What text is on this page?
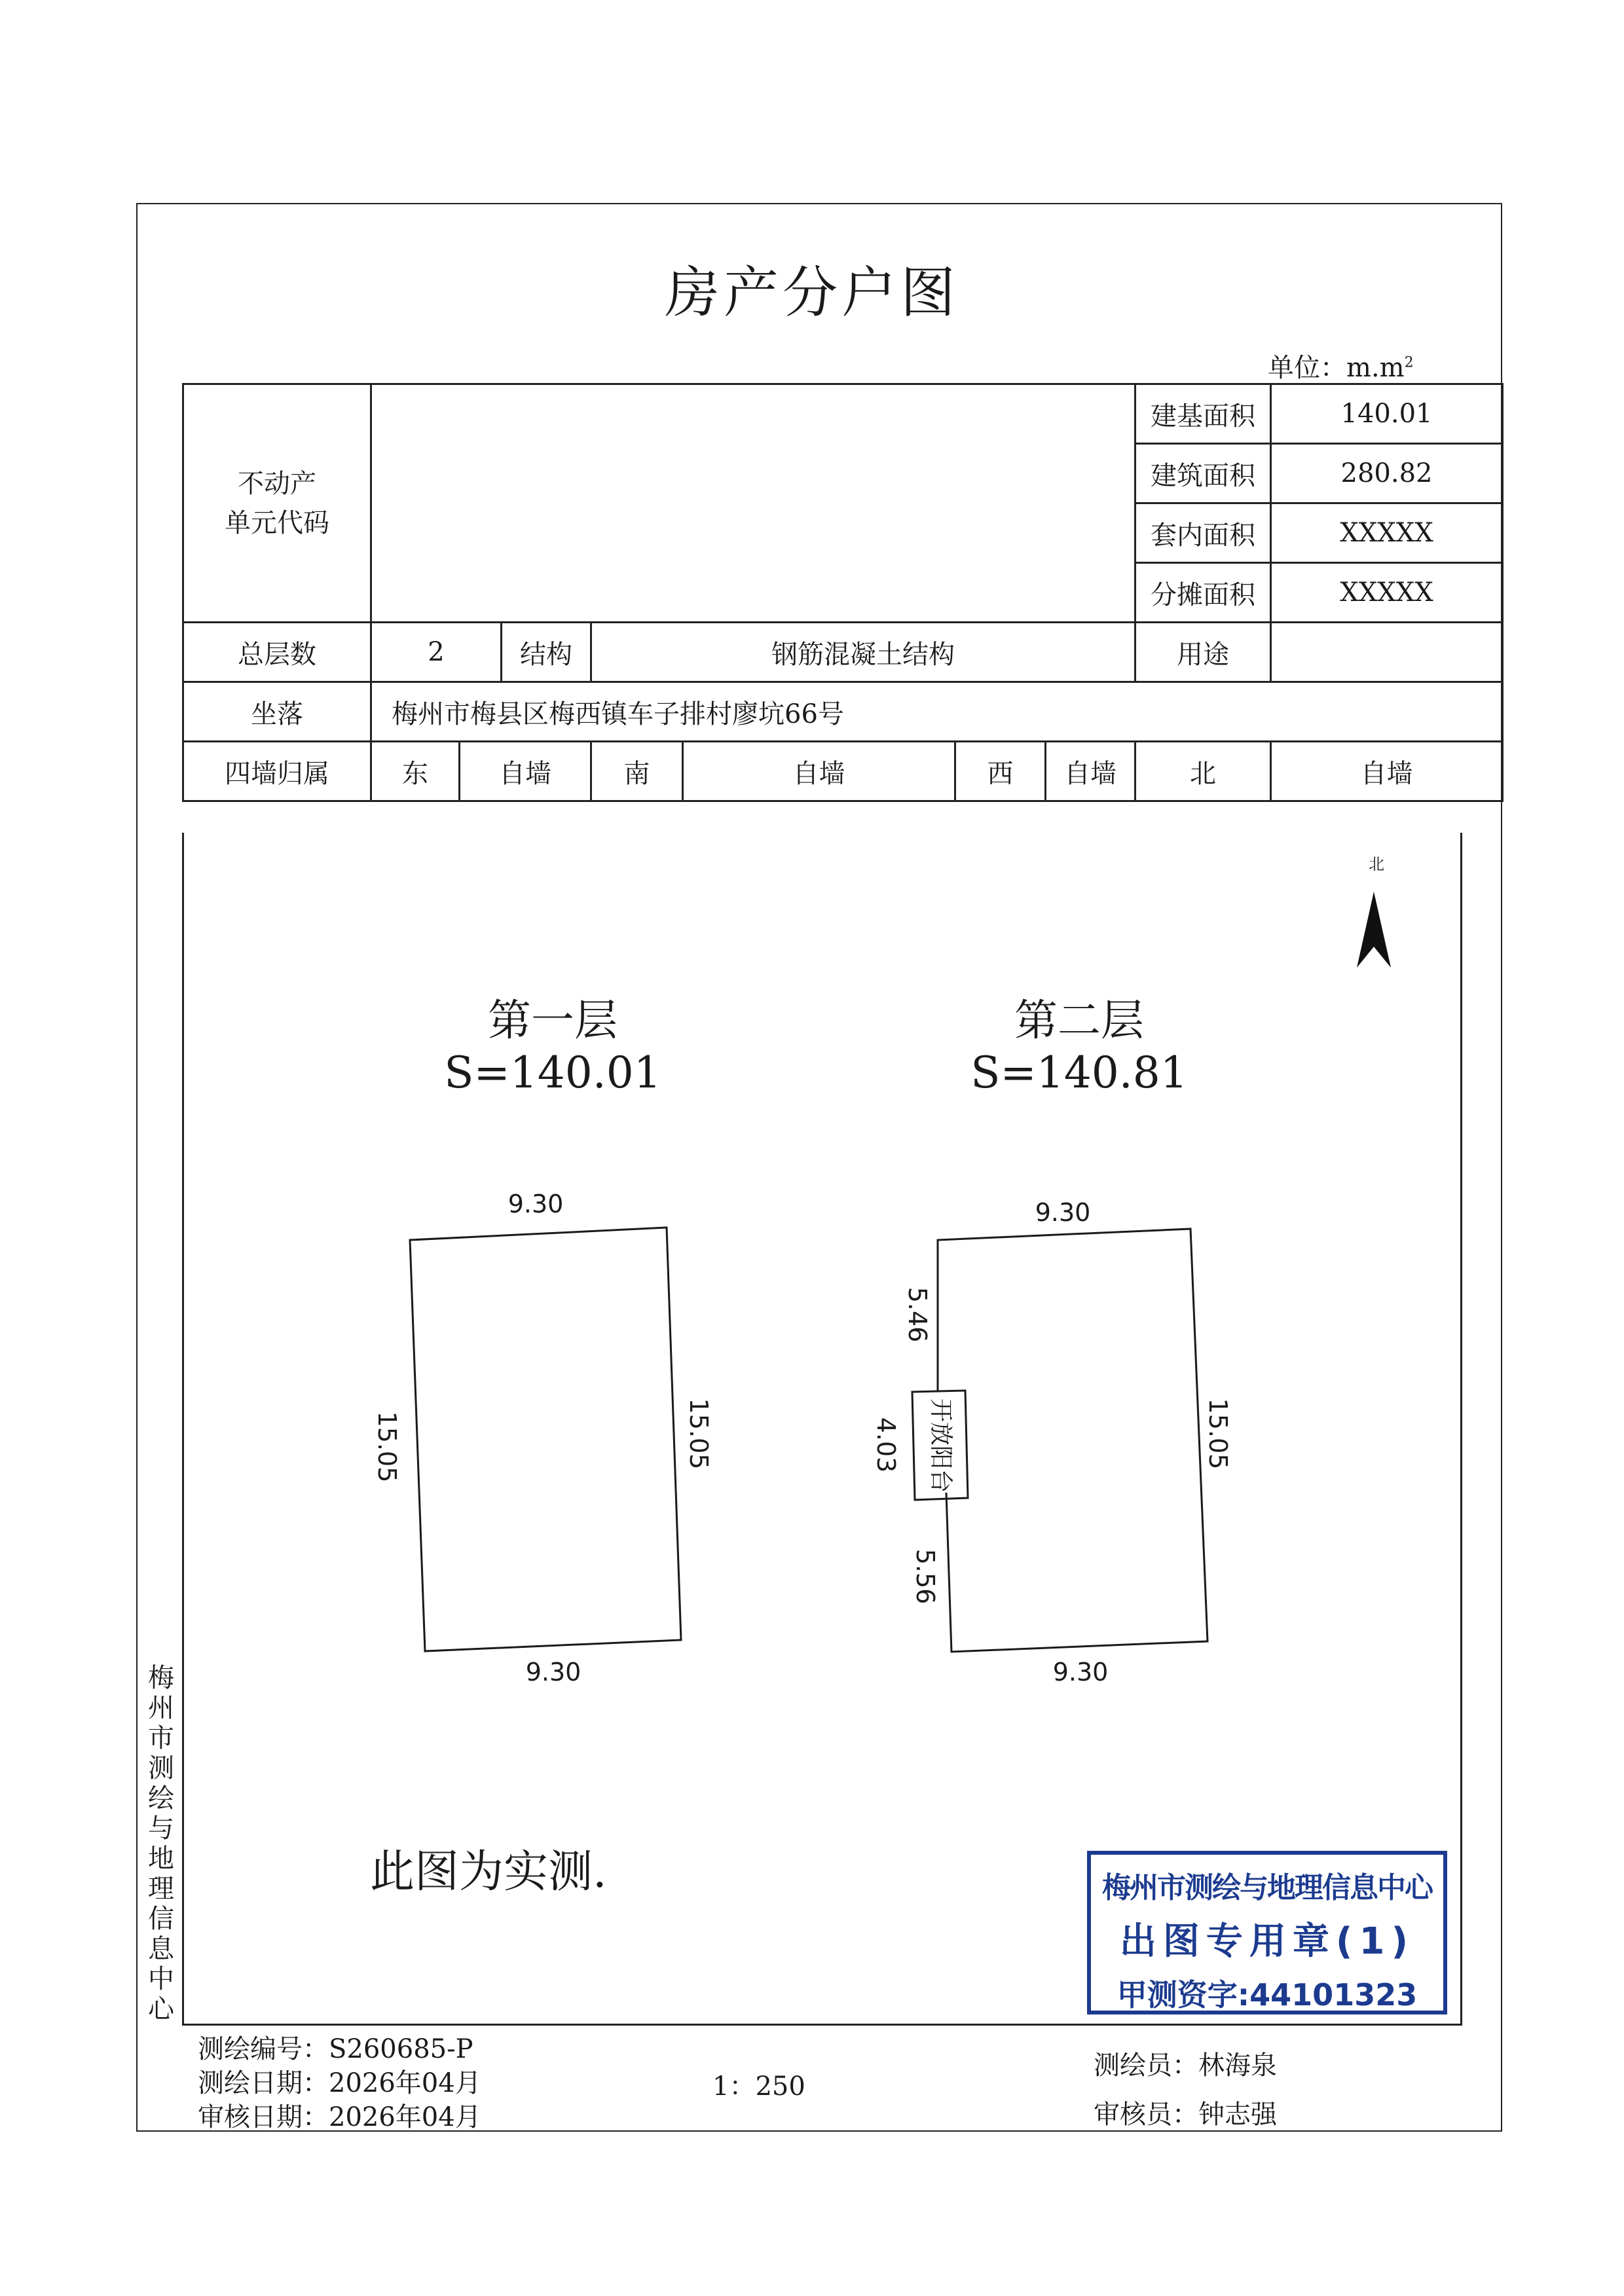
房产分户图
单位：$m.m^2$
不动产
单元代码								建基面积	140.01
								建筑面积	280.82
								套内面积	XXXXX
								分摊面积	XXXXX
总层数	2		结构	钢筋混凝土结构				用途	
坐落	梅州市梅县区梅西镇车子排村廖坑66号								
四墙归属	东	自墙		南	自墙	西	自墙	北	自墙
北
第一层
S=140.01
第二层
S=140.81
9.30
9.30
15.05	15.05
9.30
9.30
15.05
5.46
4.03
5.56
开放阳台
此图为实测.
梅州市测绘与地理信息中心
梅州市测绘与地理信息中心
出图专用章(1)
甲测资字:44101323
测绘编号：S260685-P
测绘日期：2026年04月
审核日期：2026年04月
1：250
测绘员：林海泉
审核员：钟志强
